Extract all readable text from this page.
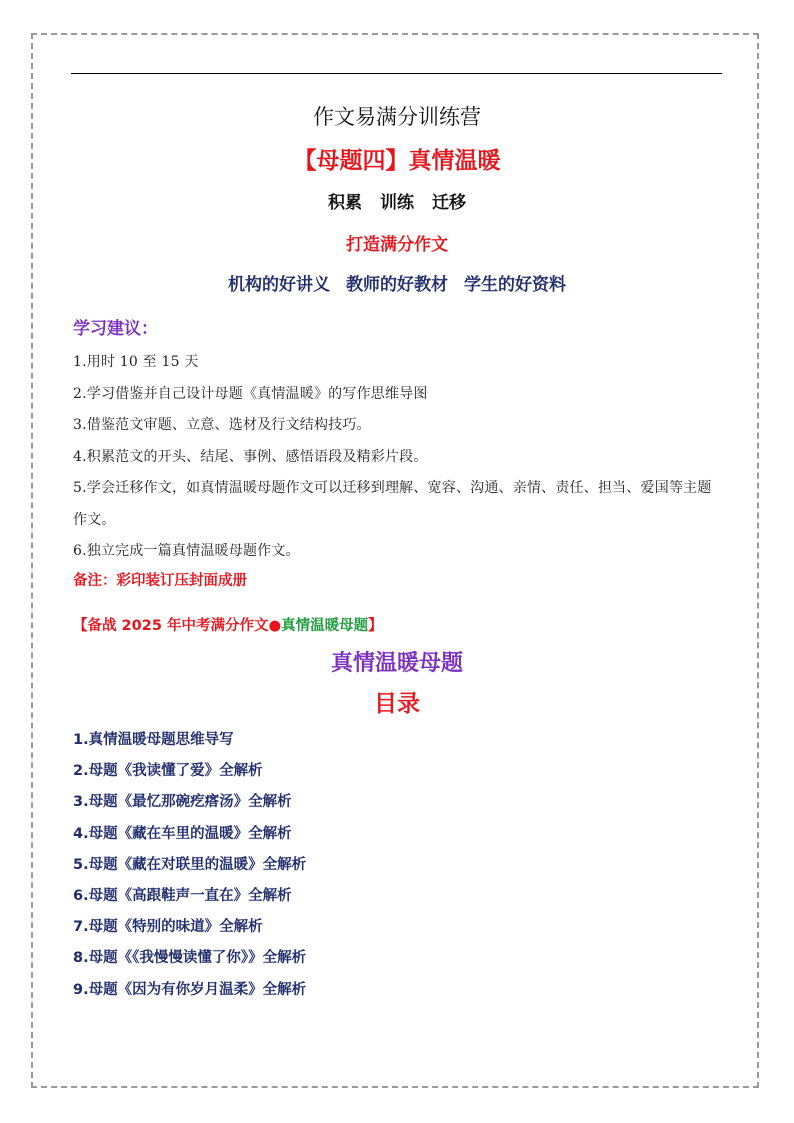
作文易满分训练营
【母题四】真情温暖
积累 训练 迁移
打造满分作文
机构的好讲义 教师的好教材 学生的好资料
学习建议：
1.用时 10 至 15 天
2.学习借鉴并自己设计母题《真情温暖》的写作思维导图
3.借鉴范文审题、立意、选材及行文结构技巧。
4.积累范文的开头、结尾、事例、感悟语段及精彩片段。
5.学会迁移作文，如真情温暖母题作文可以迁移到理解、宽容、沟通、亲情、责任、担当、爱国等主题作文。
6.独立完成一篇真情温暖母题作文。
备注：彩印装订压封面成册
【备战 2025 年中考满分作文●真情温暖母题】
真情温暖母题
目录
1.真情温暖母题思维导写
2.母题《我读懂了爱》全解析
3.母题《最忆那碗疙瘩汤》全解析
4.母题《藏在车里的温暖》全解析
5.母题《藏在对联里的温暖》全解析
6.母题《高跟鞋声一直在》全解析
7.母题《特别的味道》全解析
8.母题《《我慢慢读懂了你》》全解析
9.母题《因为有你岁月温柔》全解析
